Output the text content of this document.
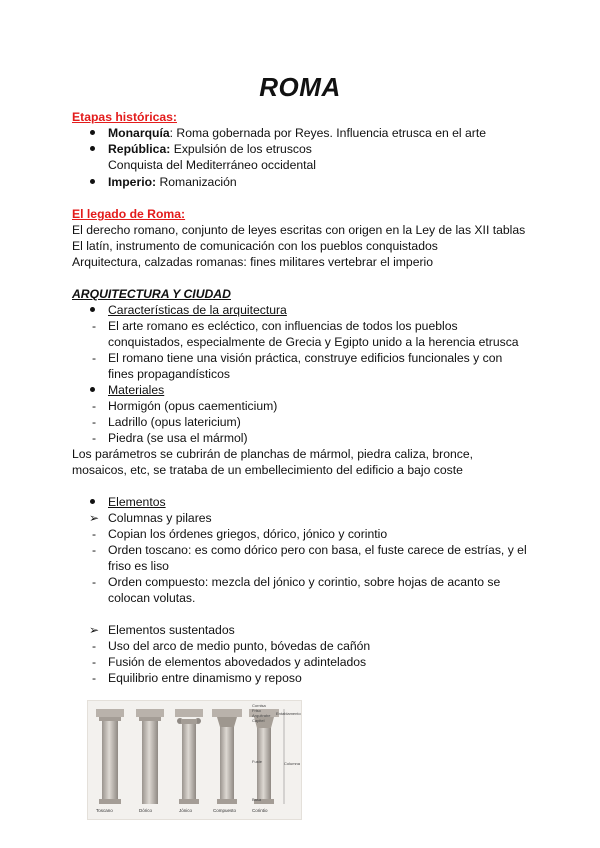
ROMA
Etapas históricas:
Monarquía: Roma gobernada por Reyes. Influencia etrusca en el arte
República: Expulsión de los etruscos
Conquista del Mediterráneo occidental
Imperio: Romanización
El legado de Roma:
El derecho romano, conjunto de leyes escritas con origen en la Ley de las XII tablas
El latín, instrumento de comunicación con los pueblos conquistados
Arquitectura, calzadas romanas: fines militares vertebrar el imperio
ARQUITECTURA Y CIUDAD
Características de la arquitectura
- El arte romano es ecléctico, con influencias de todos los pueblos
conquistados, especialmente de Grecia y Egipto unido a la herencia etrusca
- El romano tiene una visión práctica, construye edificios funcionales y con
fines propagandísticos
Materiales
- Hormigón (opus caementicium)
- Ladrillo (opus latericium)
- Piedra (se usa el mármol)
Los parámetros se cubrirán de planchas de mármol, piedra caliza, bronce,
mosaicos, etc, se trataba de un embellecimiento del edificio a bajo coste
Elementos
➢ Columnas y pilares
- Copian los órdenes griegos, dórico, jónico y corintio
- Orden toscano: es como dórico pero con basa, el fuste carece de estrías, y el
friso es liso
- Orden compuesto: mezcla del jónico y corintio, sobre hojas de acanto se
colocan volutas.
➢ Elementos sustentados
- Uso del arco de medio punto, bóvedas de cañón
- Fusión de elementos abovedados y adintelados
- Equilibrio entre dinamismo y reposo
Toscano	Dórico	Jónico	Compuesto	Corintio
Cornisa
Friso
Arquitrabe
Capitel
Fuste
Basa
Entablamento
Columna
